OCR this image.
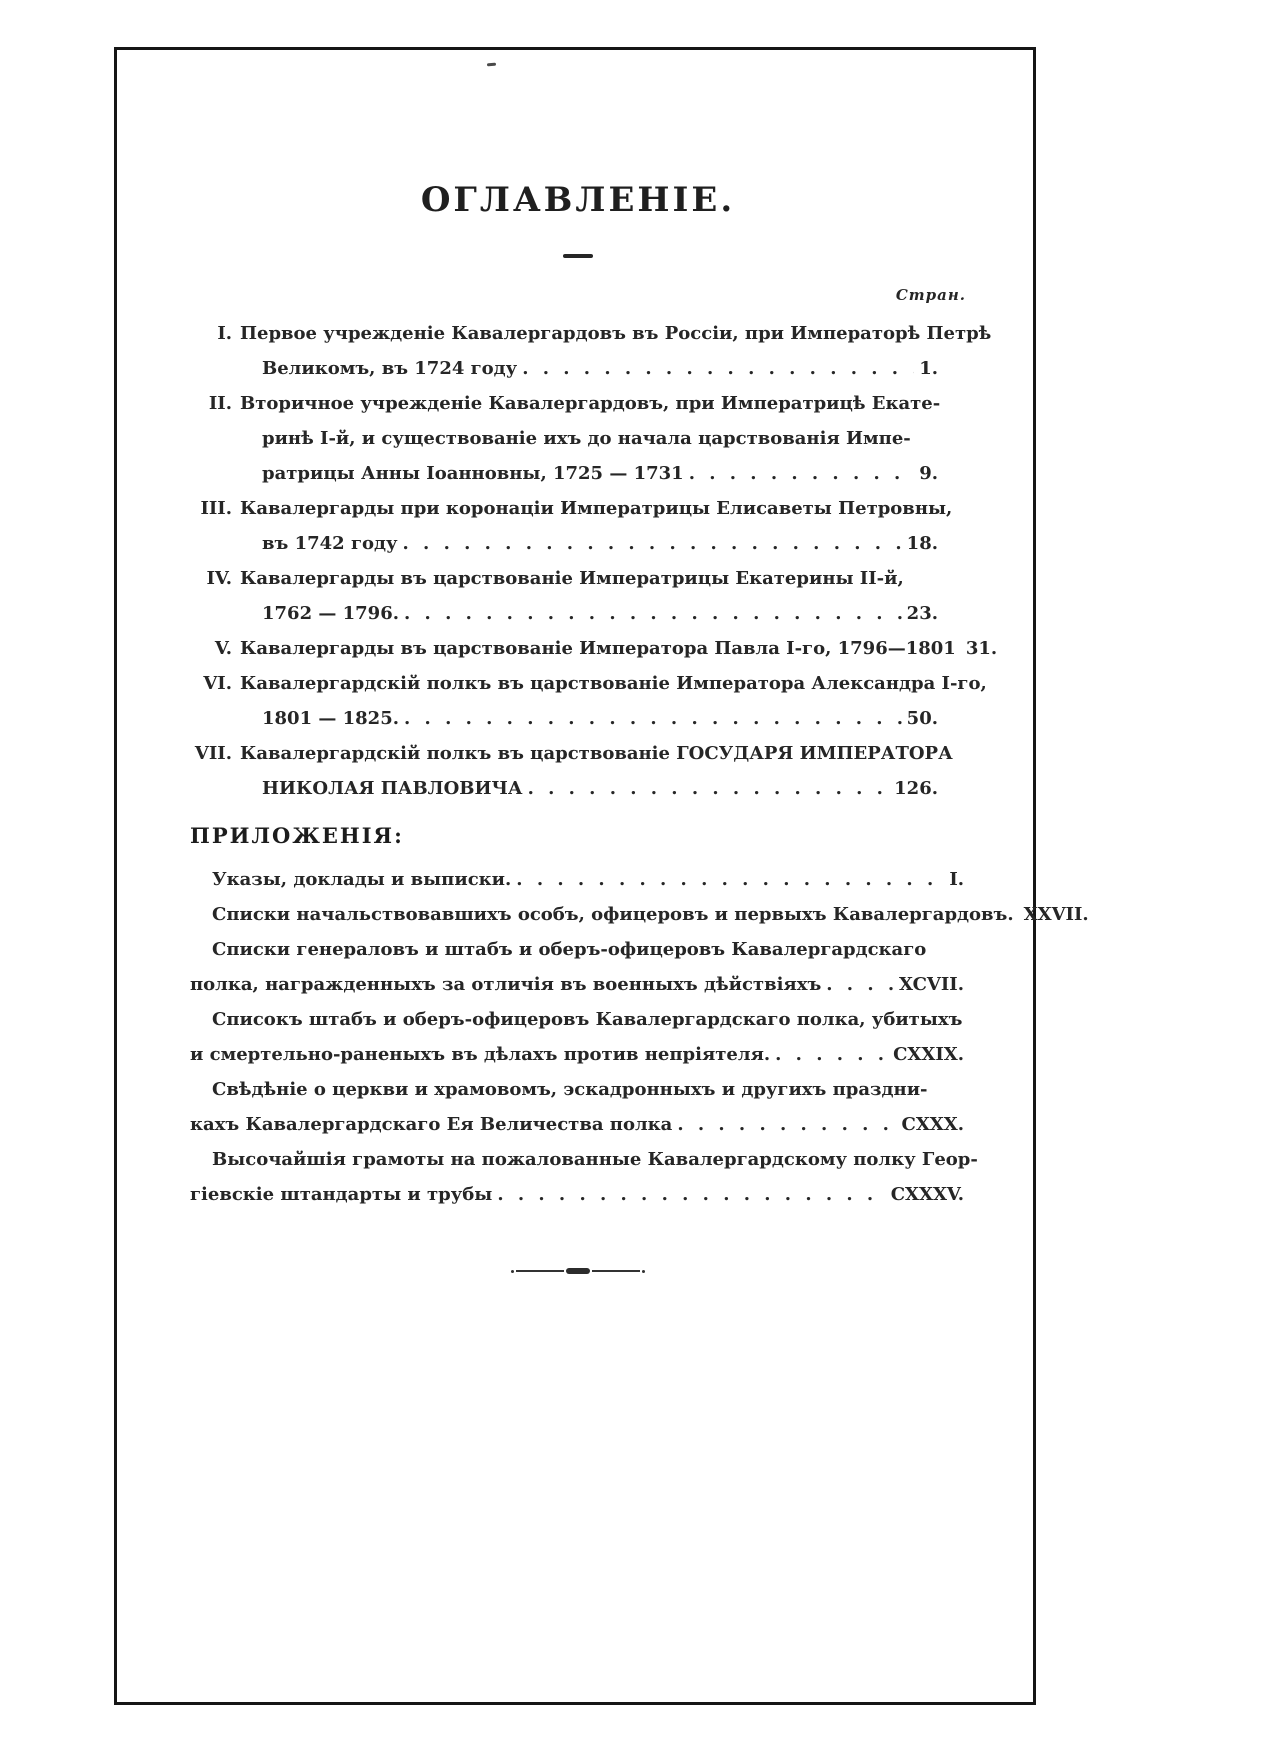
ОГЛАВЛЕНІЕ.
Стран.
I. Первое учрежденіе Кавалергардовъ въ Россіи, при Императорѣ Петрѣ
Великомъ, въ 1724 году . . .	1.
II. Вторичное учрежденіе Кавалергардовъ, при Императрицѣ Екате-
ринѣ I-й, и существованіе ихъ до начала царствованія Импе-
ратрицы Анны Іоанновны, 1725 — 1731 . . .	9.
III. Кавалергарды при коронаціи Императрицы Елисаветы Петровны,
въ 1742 году . . .	18.
IV. Кавалергарды въ царствованіе Императрицы Екатерины II-й,
1762 — 1796. . . .	23.
V. Кавалергарды въ царствованіе Императора Павла I-го, 1796—1801 31.
VI. Кавалергардскій полкъ въ царствованіе Императора Александра I-го,
1801 — 1825. . . .	50.
VII. Кавалергардскій полкъ въ царствованіе ГОСУДАРЯ ИМПЕРАТОРА
НИКОЛАЯ ПАВЛОВИЧА . . .	126.
ПРИЛОЖЕНІЯ:
Указы, доклады и выписки. . . .	I.
Списки начальствовавшихъ особъ, офицеровъ и первыхъ Кавалергардовъ. XXVII.
Списки генераловъ и штабъ и оберъ-офицеровъ Кавалергардскаго
полка, награжденныхъ за отличія въ военныхъ дѣйствіяхъ . . .	XCVII.
Списокъ штабъ и оберъ-офицеровъ Кавалергардскаго полка, убитыхъ
и смертельно-раненыхъ въ дѣлахъ против непріятеля. . . .	CXXIX.
Свѣдѣніе о церкви и храмовомъ, эскадронныхъ и другихъ праздни-
кахъ Кавалергардскаго Ея Величества полка . . .	CXXX.
Высочайшія грамоты на пожалованные Кавалергардскому полку Геор-
гіевскіе штандарты и трубы . . .	CXXXV.
